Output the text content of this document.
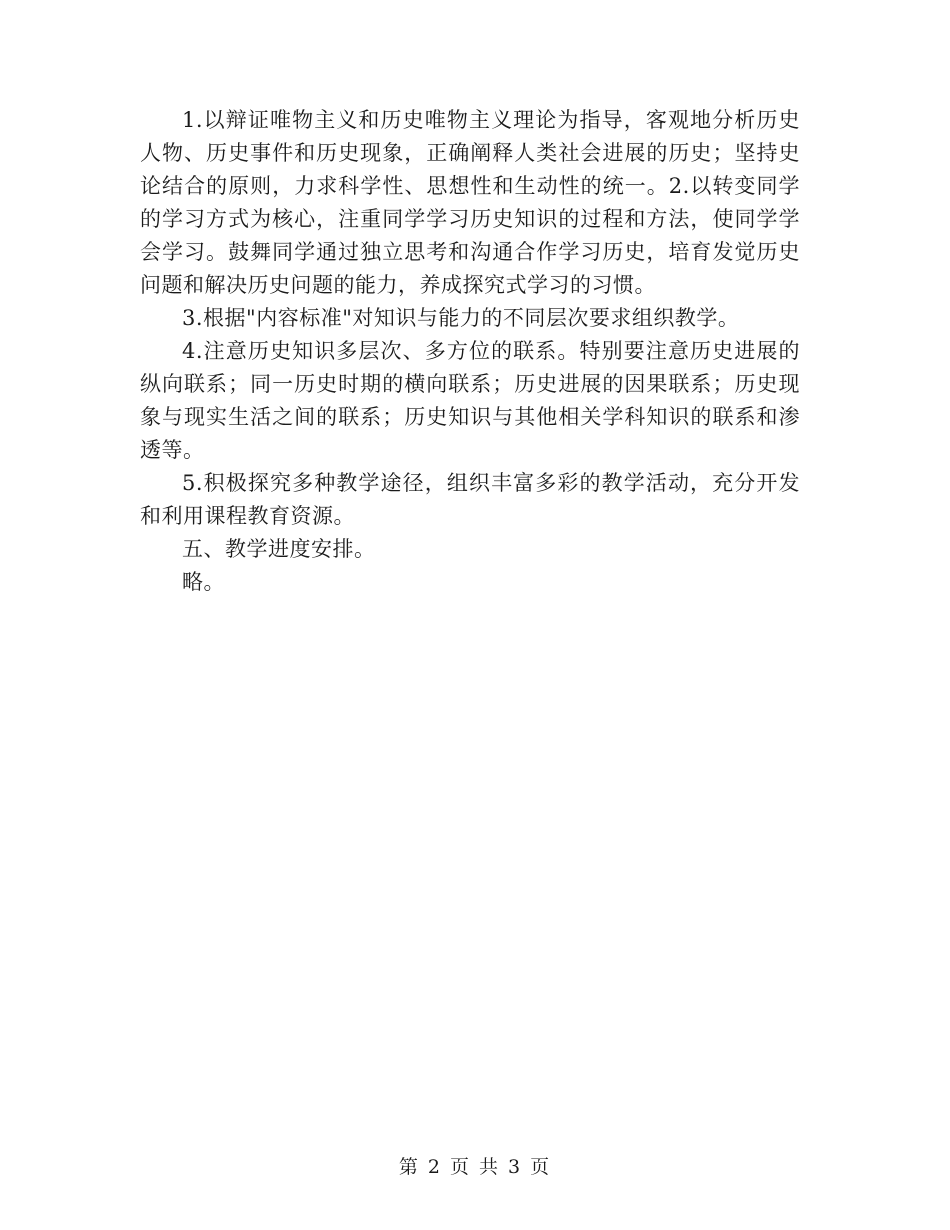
1.以辩证唯物主义和历史唯物主义理论为指导，客观地分析历史人物、历史事件和历史现象，正确阐释人类社会进展的历史；坚持史论结合的原则，力求科学性、思想性和生动性的统一。2.以转变同学的学习方式为核心，注重同学学习历史知识的过程和方法，使同学学会学习。鼓舞同学通过独立思考和沟通合作学习历史，培育发觉历史问题和解决历史问题的能力，养成探究式学习的习惯。

3.根据"内容标准"对知识与能力的不同层次要求组织教学。

4.注意历史知识多层次、多方位的联系。特别要注意历史进展的纵向联系；同一历史时期的横向联系；历史进展的因果联系；历史现象与现实生活之间的联系；历史知识与其他相关学科知识的联系和渗透等。

5.积极探究多种教学途径，组织丰富多彩的教学活动，充分开发和利用课程教育资源。

五、教学进度安排。

略。

第 2 页 共 3 页
